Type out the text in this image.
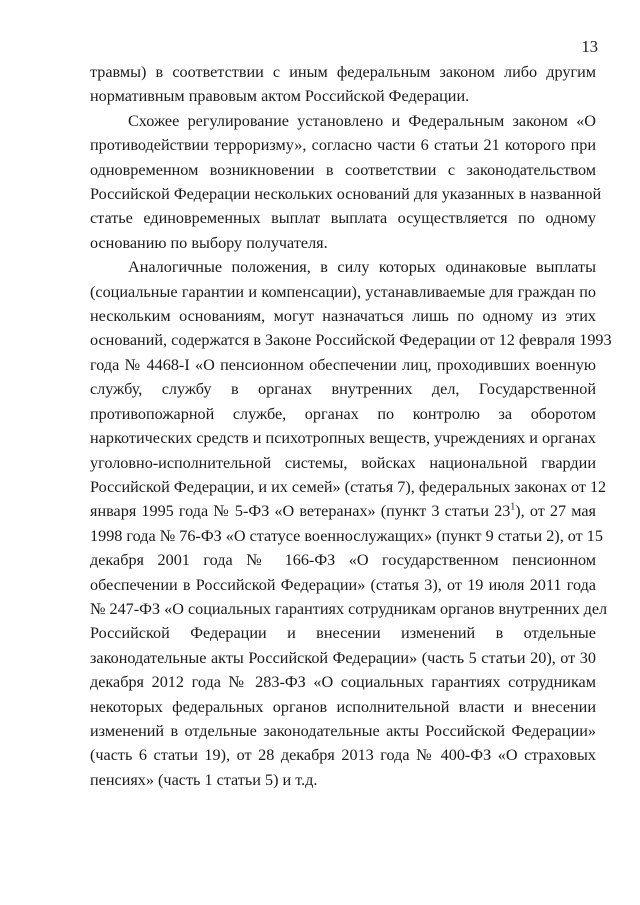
13
травмы) в соответствии с иным федеральным законом либо другим
нормативным правовым актом Российской Федерации.
Схожее регулирование установлено и Федеральным законом «О
противодействии терроризму», согласно части 6 статьи 21 которого при
одновременном возникновении в соответствии с законодательством
Российской Федерации нескольких оснований для указанных в названной
статье единовременных выплат выплата осуществляется по одному
основанию по выбору получателя.
Аналогичные положения, в силу которых одинаковые выплаты
(социальные гарантии и компенсации), устанавливаемые для граждан по
нескольким основаниям, могут назначаться лишь по одному из этих
оснований, содержатся в Законе Российской Федерации от 12 февраля 1993
года № 4468-I «О пенсионном обеспечении лиц, проходивших военную
службу, службу в органах внутренних дел, Государственной
противопожарной службе, органах по контролю за оборотом
наркотических средств и психотропных веществ, учреждениях и органах
уголовно-исполнительной системы, войсках национальной гвардии
Российской Федерации, и их семей» (статья 7), федеральных законах от 12
января 1995 года № 5-ФЗ «О ветеранах» (пункт 3 статьи $23^1$), от 27 мая
1998 года № 76-ФЗ «О статусе военнослужащих» (пункт 9 статьи 2), от 15
декабря 2001 года № 166-ФЗ «О государственном пенсионном
обеспечении в Российской Федерации» (статья 3), от 19 июля 2011 года
№ 247-ФЗ «О социальных гарантиях сотрудникам органов внутренних дел
Российской Федерации и внесении изменений в отдельные
законодательные акты Российской Федерации» (часть 5 статьи 20), от 30
декабря 2012 года № 283-ФЗ «О социальных гарантиях сотрудникам
некоторых федеральных органов исполнительной власти и внесении
изменений в отдельные законодательные акты Российской Федерации»
(часть 6 статьи 19), от 28 декабря 2013 года № 400-ФЗ «О страховых
пенсиях» (часть 1 статьи 5) и т.д.
